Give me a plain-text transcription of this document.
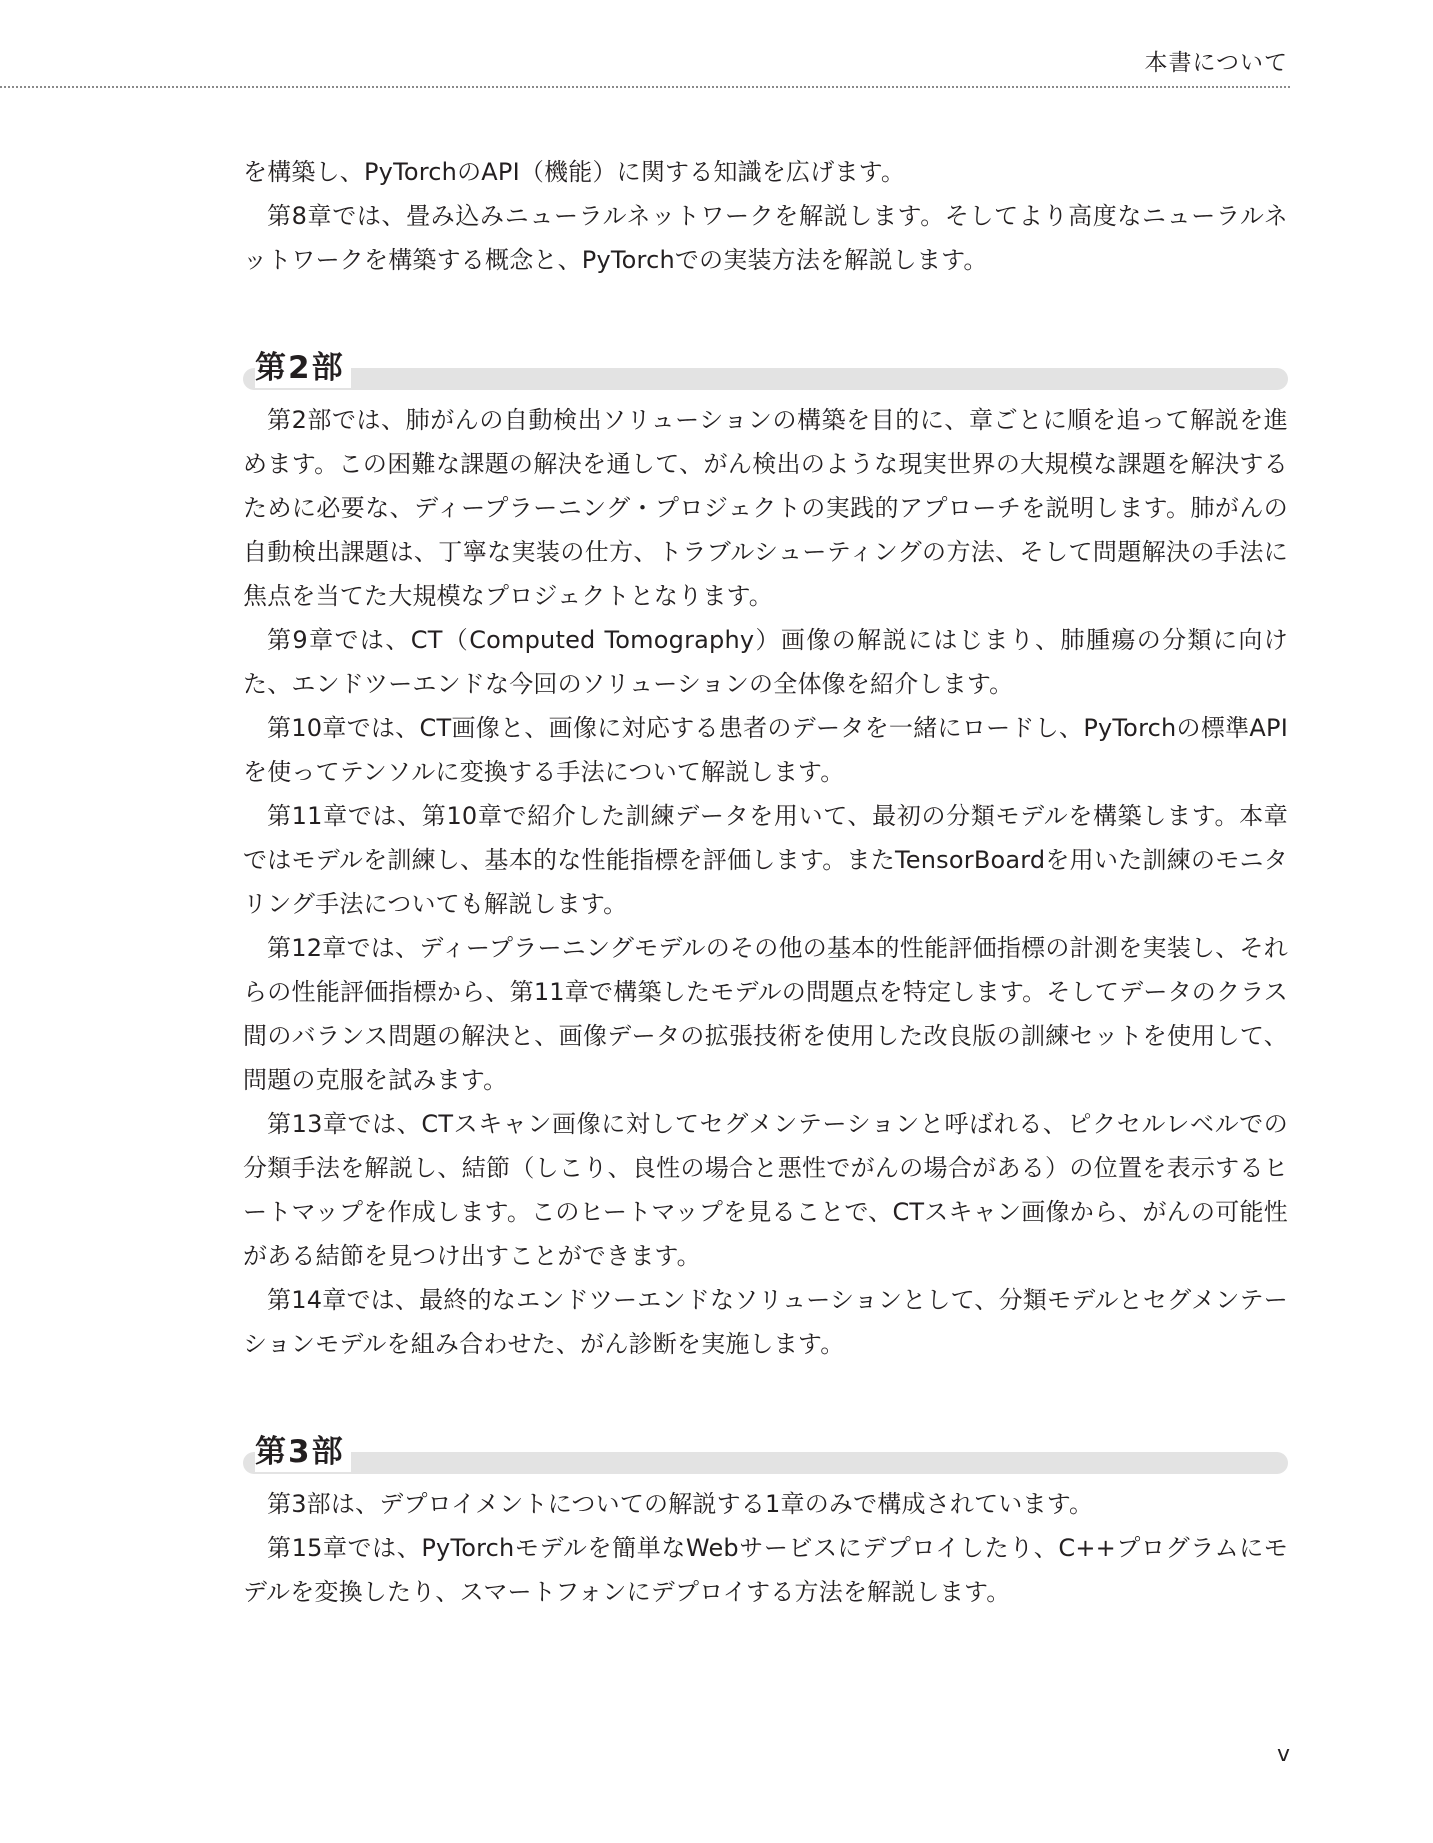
本書について

を構築し、PyTorchのAPI（機能）に関する知識を広げます。

第8章では、畳み込みニューラルネットワークを解説します。そしてより高度なニューラルネットワークを構築する概念と、PyTorchでの実装方法を解説します。

第2部

第2部では、肺がんの自動検出ソリューションの構築を目的に、章ごとに順を追って解説を進めます。この困難な課題の解決を通して、がん検出のような現実世界の大規模な課題を解決するために必要な、ディープラーニング・プロジェクトの実践的アプローチを説明します。肺がんの自動検出課題は、丁寧な実装の仕方、トラブルシューティングの方法、そして問題解決の手法に焦点を当てた大規模なプロジェクトとなります。

第9章では、CT（Computed Tomography）画像の解説にはじまり、肺腫瘍の分類に向けた、エンドツーエンドな今回のソリューションの全体像を紹介します。

第10章では、CT画像と、画像に対応する患者のデータを一緒にロードし、PyTorchの標準APIを使ってテンソルに変換する手法について解説します。

第11章では、第10章で紹介した訓練データを用いて、最初の分類モデルを構築します。本章ではモデルを訓練し、基本的な性能指標を評価します。またTensorBoardを用いた訓練のモニタリング手法についても解説します。

第12章では、ディープラーニングモデルのその他の基本的性能評価指標の計測を実装し、それらの性能評価指標から、第11章で構築したモデルの問題点を特定します。そしてデータのクラス間のバランス問題の解決と、画像データの拡張技術を使用した改良版の訓練セットを使用して、問題の克服を試みます。

第13章では、CTスキャン画像に対してセグメンテーションと呼ばれる、ピクセルレベルでの分類手法を解説し、結節（しこり、良性の場合と悪性でがんの場合がある）の位置を表示するヒートマップを作成します。このヒートマップを見ることで、CTスキャン画像から、がんの可能性がある結節を見つけ出すことができます。

第14章では、最終的なエンドツーエンドなソリューションとして、分類モデルとセグメンテーションモデルを組み合わせた、がん診断を実施します。

第3部

第3部は、デプロイメントについての解説する1章のみで構成されています。

第15章では、PyTorchモデルを簡単なWebサービスにデプロイしたり、C++プログラムにモデルを変換したり、スマートフォンにデプロイする方法を解説します。

v
